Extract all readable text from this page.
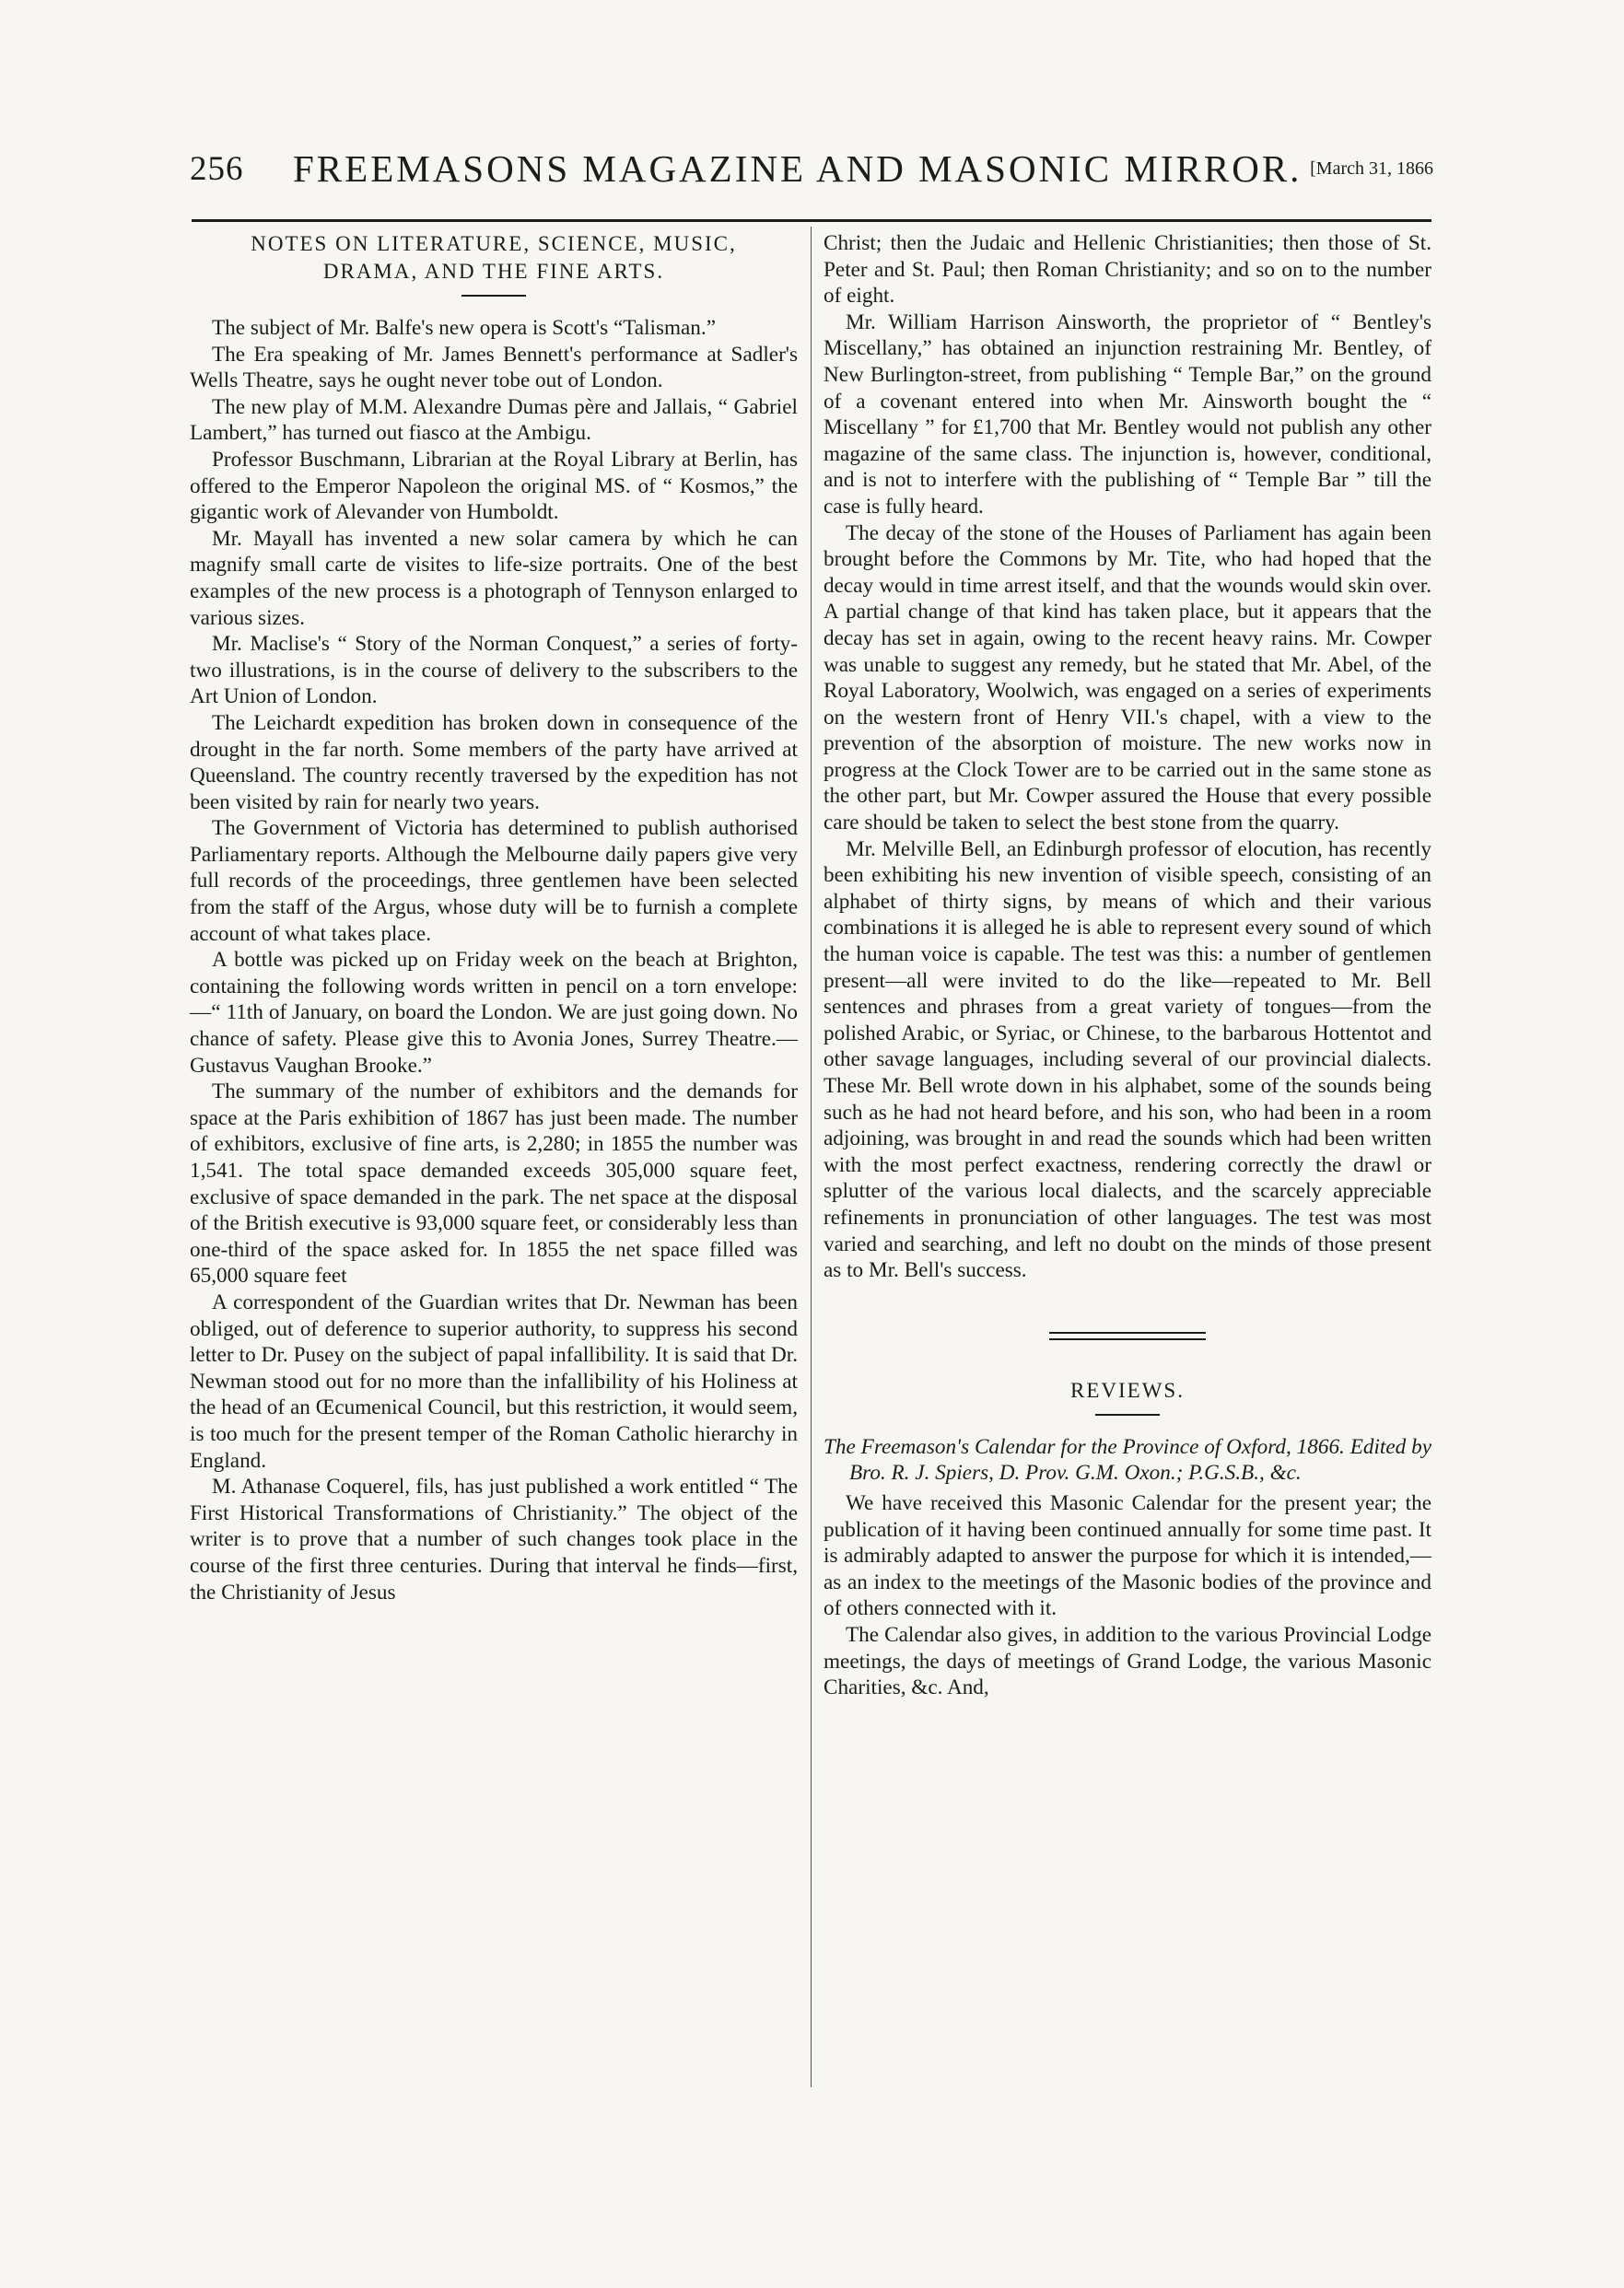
256 FREEMASONS MAGAZINE AND MASONIC MIRROR. [March 31, 1866
NOTES ON LITERATURE, SCIENCE, MUSIC,
DRAMA, AND THE FINE ARTS.

The subject of Mr. Balfe's new opera is Scott's “Talisman.”

The Era speaking of Mr. James Bennett's performance at Sadler's Wells Theatre, says he ought never tobe out of London.

The new play of M.M. Alexandre Dumas père and Jallais, “ Gabriel Lambert,” has turned out fiasco at the Ambigu.

Professor Buschmann, Librarian at the Royal Library at Berlin, has offered to the Emperor Napoleon the original MS. of “ Kosmos,” the gigantic work of Alevander von Humboldt.

Mr. Mayall has invented a new solar camera by which he can magnify small carte de visites to life-size portraits. One of the best examples of the new process is a photograph of Tennyson enlarged to various sizes.

Mr. Maclise's “ Story of the Norman Conquest,” a series of forty-two illustrations, is in the course of delivery to the subscribers to the Art Union of London.

The Leichardt expedition has broken down in consequence of the drought in the far north. Some members of the party have arrived at Queensland. The country recently traversed by the expedition has not been visited by rain for nearly two years.

The Government of Victoria has determined to publish authorised Parliamentary reports. Although the Melbourne daily papers give very full records of the proceedings, three gentlemen have been selected from the staff of the Argus, whose duty will be to furnish a complete account of what takes place.

A bottle was picked up on Friday week on the beach at Brighton, containing the following words written in pencil on a torn envelope:—“ 11th of January, on board the London. We are just going down. No chance of safety. Please give this to Avonia Jones, Surrey Theatre.—Gustavus Vaughan Brooke.”

The summary of the number of exhibitors and the demands for space at the Paris exhibition of 1867 has just been made. The number of exhibitors, exclusive of fine arts, is 2,280; in 1855 the number was 1,541. The total space demanded exceeds 305,000 square feet, exclusive of space demanded in the park. The net space at the disposal of the British executive is 93,000 square feet, or considerably less than one-third of the space asked for. In 1855 the net space filled was 65,000 square feet

A correspondent of the Guardian writes that Dr. Newman has been obliged, out of deference to superior authority, to suppress his second letter to Dr. Pusey on the subject of papal infallibility. It is said that Dr. Newman stood out for no more than the infallibility of his Holiness at the head of an Œcumenical Council, but this restriction, it would seem, is too much for the present temper of the Roman Catholic hierarchy in England.

M. Athanase Coquerel, fils, has just published a work entitled “ The First Historical Transformations of Christianity.” The object of the writer is to prove that a number of such changes took place in the course of the first three centuries. During that interval he finds—first, the Christianity of Jesus

Christ; then the Judaic and Hellenic Christianities; then those of St. Peter and St. Paul; then Roman Christianity; and so on to the number of eight.

Mr. William Harrison Ainsworth, the proprietor of “ Bentley's Miscellany,” has obtained an injunction restraining Mr. Bentley, of New Burlington-street, from publishing “ Temple Bar,” on the ground of a covenant entered into when Mr. Ainsworth bought the “ Miscellany ” for £1,700 that Mr. Bentley would not publish any other magazine of the same class. The injunction is, however, conditional, and is not to interfere with the publishing of “ Temple Bar ” till the case is fully heard.

The decay of the stone of the Houses of Parliament has again been brought before the Commons by Mr. Tite, who had hoped that the decay would in time arrest itself, and that the wounds would skin over. A partial change of that kind has taken place, but it appears that the decay has set in again, owing to the recent heavy rains. Mr. Cowper was unable to suggest any remedy, but he stated that Mr. Abel, of the Royal Laboratory, Woolwich, was engaged on a series of experiments on the western front of Henry VII.'s chapel, with a view to the prevention of the absorption of moisture. The new works now in progress at the Clock Tower are to be carried out in the same stone as the other part, but Mr. Cowper assured the House that every possible care should be taken to select the best stone from the quarry.

Mr. Melville Bell, an Edinburgh professor of elocution, has recently been exhibiting his new invention of visible speech, consisting of an alphabet of thirty signs, by means of which and their various combinations it is alleged he is able to represent every sound of which the human voice is capable. The test was this: a number of gentlemen present—all were invited to do the like—repeated to Mr. Bell sentences and phrases from a great variety of tongues—from the polished Arabic, or Syriac, or Chinese, to the barbarous Hottentot and other savage languages, including several of our provincial dialects. These Mr. Bell wrote down in his alphabet, some of the sounds being such as he had not heard before, and his son, who had been in a room adjoining, was brought in and read the sounds which had been written with the most perfect exactness, rendering correctly the drawl or splutter of the various local dialects, and the scarcely appreciable refinements in pronunciation of other languages. The test was most varied and searching, and left no doubt on the minds of those present as to Mr. Bell's success.

REVIEWS.

The Freemason's Calendar for the Province of Oxford, 1866. Edited by Bro. R. J. Spiers, D. Prov. G.M. Oxon.; P.G.S.B., &c.

We have received this Masonic Calendar for the present year; the publication of it having been continued annually for some time past. It is admirably adapted to answer the purpose for which it is intended,—as an index to the meetings of the Masonic bodies of the province and of others connected with it.

The Calendar also gives, in addition to the various Provincial Lodge meetings, the days of meetings of Grand Lodge, the various Masonic Charities, &c. And,
